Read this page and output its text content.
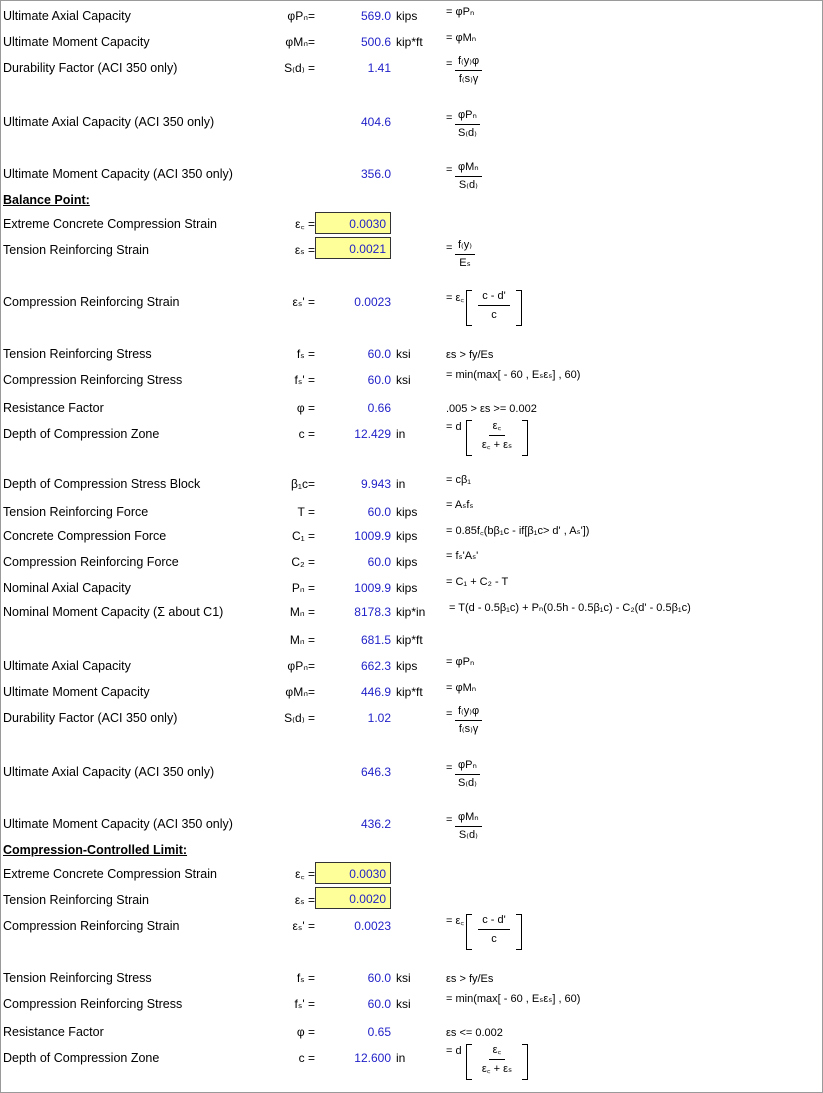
Ultimate Axial Capacity	φPₙ=	569.0 kips	= φPₙ
Ultimate Moment Capacity	φMₙ=	500.6 kip*ft = φMₙ
Durability Factor (ACI 350 only)	S₍d₎ =	1.41	= $\frac{f_(y_)\varphi}{f_(s_)\gamma}$
Ultimate Axial Capacity (ACI 350 only)	404.6	= φPₙ
S₍d₎
Ultimate Moment Capacity (ACI 350 only)	356.0	= φMₙ
S₍d₎
Balance Point:
Extreme Concrete Compression Strain	ε꜀ =	0.0030
Tension Reinforcing Strain	εₛ =	0.0021	= $\frac{f_(y_)}{\text{Eₛ}}$
Compression Reinforcing Strain	εₛ' =	0.0023	= ε꜀ $\frac{c - d'}{c}$
Tension Reinforcing Stress	fₛ =	60.0 ksi	εs > fy/Es
Compression Reinforcing Stress	fₛ' =	60.0 ksi	= min(max[ - 60 , Eₛεₛ] , 60)
Resistance Factor	φ =	0.66	.005 > εs >= 0.002
Depth of Compression Zone	c =	12.429 in	= d $\frac{\varepsilon꜀}{\text{ε꜀ + εₛ}}$
Depth of Compression Stress Block	β₁c=	9.943 in	= cβ₁
Tension Reinforcing Force	T =	60.0 kips	= Aₛfₛ
Concrete Compression Force	C₁ =	1009.9 kips	= 0.85f꜀(bβ₁c - if[β₁c> d' , Aₛ'])
Compression Reinforcing Force	C₂ =	60.0 kips	= fₛ'Aₛ'
Nominal Axial Capacity	Pₙ =	1009.9 kips	= C₁ + C₂ - T
Nominal Moment Capacity (Σ about C1)	Mₙ =	8178.3 kip*in = T(d - 0.5β₁c) + Pₙ(0.5h - 0.5β₁c) - C₂(d' - 0.5β₁c)
Mₙ =	681.5 kip*ft
Ultimate Axial Capacity	φPₙ=	662.3 kips	= φPₙ
Ultimate Moment Capacity	φMₙ=	446.9 kip*ft = φMₙ
Durability Factor (ACI 350 only)	S₍d₎ =	1.02	= $\frac{f_(y_)\varphi}{f_(s_)\gamma}$
Ultimate Axial Capacity (ACI 350 only)	646.3	= φPₙ
S₍d₎
Ultimate Moment Capacity (ACI 350 only)	436.2	= φMₙ
S₍d₎
Compression-Controlled Limit:
Extreme Concrete Compression Strain	ε꜀ =	0.0030
Tension Reinforcing Strain	εₛ =	0.0020
Compression Reinforcing Strain	εₛ' =	0.0023	= ε꜀ $\frac{c - d'}{c}$
Tension Reinforcing Stress	fₛ =	60.0 ksi	εs > fy/Es
Compression Reinforcing Stress	fₛ' =	60.0 ksi	= min(max[ - 60 , Eₛεₛ] , 60)
Resistance Factor	φ =	0.65	εs <= 0.002
Depth of Compression Zone	c =	12.600 in	= d $\frac{\varepsilon꜀}{\text{ε꜀ + εₛ}}$
